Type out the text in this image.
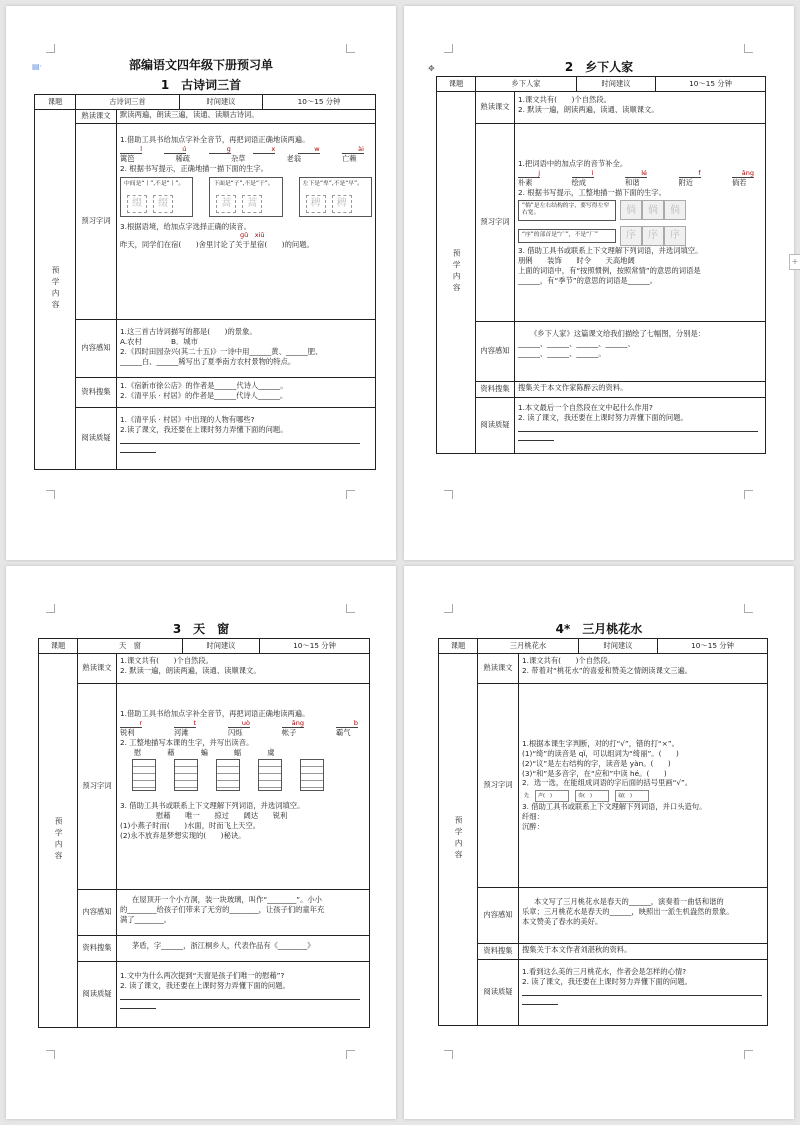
▤·	部编语文四年级下册预习单
1　古诗词三首
课题	古诗词三首	时间建议	10～15 分钟
预学内容
熟读课文	默读两遍，朗读三遍，读通、读顺古诗词。
预习字词
1.借助工具书给加点字补全音节，再把词语正确地读两遍。
l	ú	ɡ	x	w	ài
篱笆	稀疏	杂草	老翁	亡赖
2. 根据书写提示，正确地描一描下面的生字。
中间是“丨”,不是“丨”。
缀	缀
下面是“子”,不是“于”。
蒿	蒿
左下是“卑”,不是“早”。
稗	稗
3.根据语境，给加点字选择正确的读音。
ɡǔ　xiū
昨天，同学们在宿(　　)舍里讨论了关于星宿(　　)的问题。
内容感知
1.这三首古诗词描写的都是(　　)的景象。
A.农村　　　　B．城市
2.《四时田园杂兴(其二十五)》一诗中用______黄、______肥、
______白、______稀写出了夏季南方农村景物的特点。
资料搜集
1.《宿新市徐公店》的作者是______代诗人______。
2.《清平乐 · 村居》的作者是______代诗人______。
阅读质疑
1.《清平乐 · 村居》中出现的人物有哪些?
2.读了课文，我还要在上课时努力弄懂下面的问题。
✥
+
2　乡下人家
课题	乡下人家	时间建议	10～15 分钟
预学内容
熟读课文
1.课文共有(　　)个自然段。
2. 默读一遍，朗读两遍，读通、读顺课文。
预习字词
1.把词语中的加点字的音节补全。
j	ì	lé	f	āng
朴素	绘成	和谐	附近	倘若
2. 根据书写提示，工整地描一描下面的生字。
“倘”是左右结构的字，要写得左窄右宽。	倘	倘	倘
“序”的部首是“广”，不是“厂”	序	序	序
3. 借助工具书或联系上下文理解下列词语，并选词填空。
朋俐　　装饰　　时令　　天高地阔
上面的词语中，有“按照惯例，按照常情”的意思的词语是
______，有“季节”的意思的词语是______。
内容感知
《乡下人家》这篇课文给我们描绘了七幅图，分别是：
______、______、______、______、
______、______、______。
资料搜集	搜集关于本文作家陈醉云的资料。
阅读质疑
1.本文最后一个自然段在文中起什么作用?
2. 读了课文，我还要在上课时努力弄懂下面的问题。
3　天　窗
课题	天　窗	时间建议	10～15 分钟
预学内容
熟读课文
1.课文共有(　　)个自然段。
2. 默读一遍，朗读两遍，读通、读顺课文。
预习字词
1.借助工具书给加点字补全音节，再把词语正确地读两遍。
r	t	uò	āng	b
锐利	河滩	闪烁	帐子	霸气
2. 工整地描写本课的生字，并写出读音。
慰	藉	蝙	蝠	虞
3. 借助工具书或联系上下文理解下列词语，并选词填空。
慰藉　　唯一　　掠过　　阔达　　锐利
(1)小燕子时而(　　)水面，时而飞上天空。
(2)永不放弃是梦想实现的(　　)秘诀。
内容感知
在屋顶开一个小方洞，装一块玻璃，叫作“________”。小小
的________给孩子们带来了无穷的________，让孩子们的童年充
满了________。
资料搜集	茅盾，字______，浙江桐乡人，代表作品有《________》
阅读质疑
1.文中为什么两次提到“天窗是孩子们唯一的慰藉”?
2. 读了课文，我还要在上课时努力弄懂下面的问题。
4*　三月桃花水
课题	三月桃花水	时间建议	10～15 分钟
预学内容
熟读课文
1.课文共有(　　)个自然段。
2. 带着对“桃花水”的喜爱和赞美之情朗读课文三遍。
预习字词
1.根据本课生字判断，对的打“√”，错的打“×”。
(1)“绮”的读音是 qǐ，可以组词为“绮丽”。(　　)
(2)“议”是左右结构的字，读音是 yàn。(　　)
(3)“和”是多音字，在“应和”中读 hé。(　　)
2．选一选，在能组成词语的字后面的括号里画“√”。
先	声(　)	奏(　)	叙(　)
3. 借助工具书或联系上下文理解下列词语，并口头造句。
纤细：
沉醉：
内容感知
本文写了三月桃花水是春天的______，演奏着一曲恬和谐的
乐章；三月桃花水是春天的______，映照出一派生机盎然的景象。
本文赞美了春水的美好。
资料搜集	搜集关于本文作者刘湛秋的资料。
阅读质疑
1.看到这么美的三月桃花水，作者会是怎样的心情?
2. 读了课文，我还要在上课时努力弄懂下面的问题。
